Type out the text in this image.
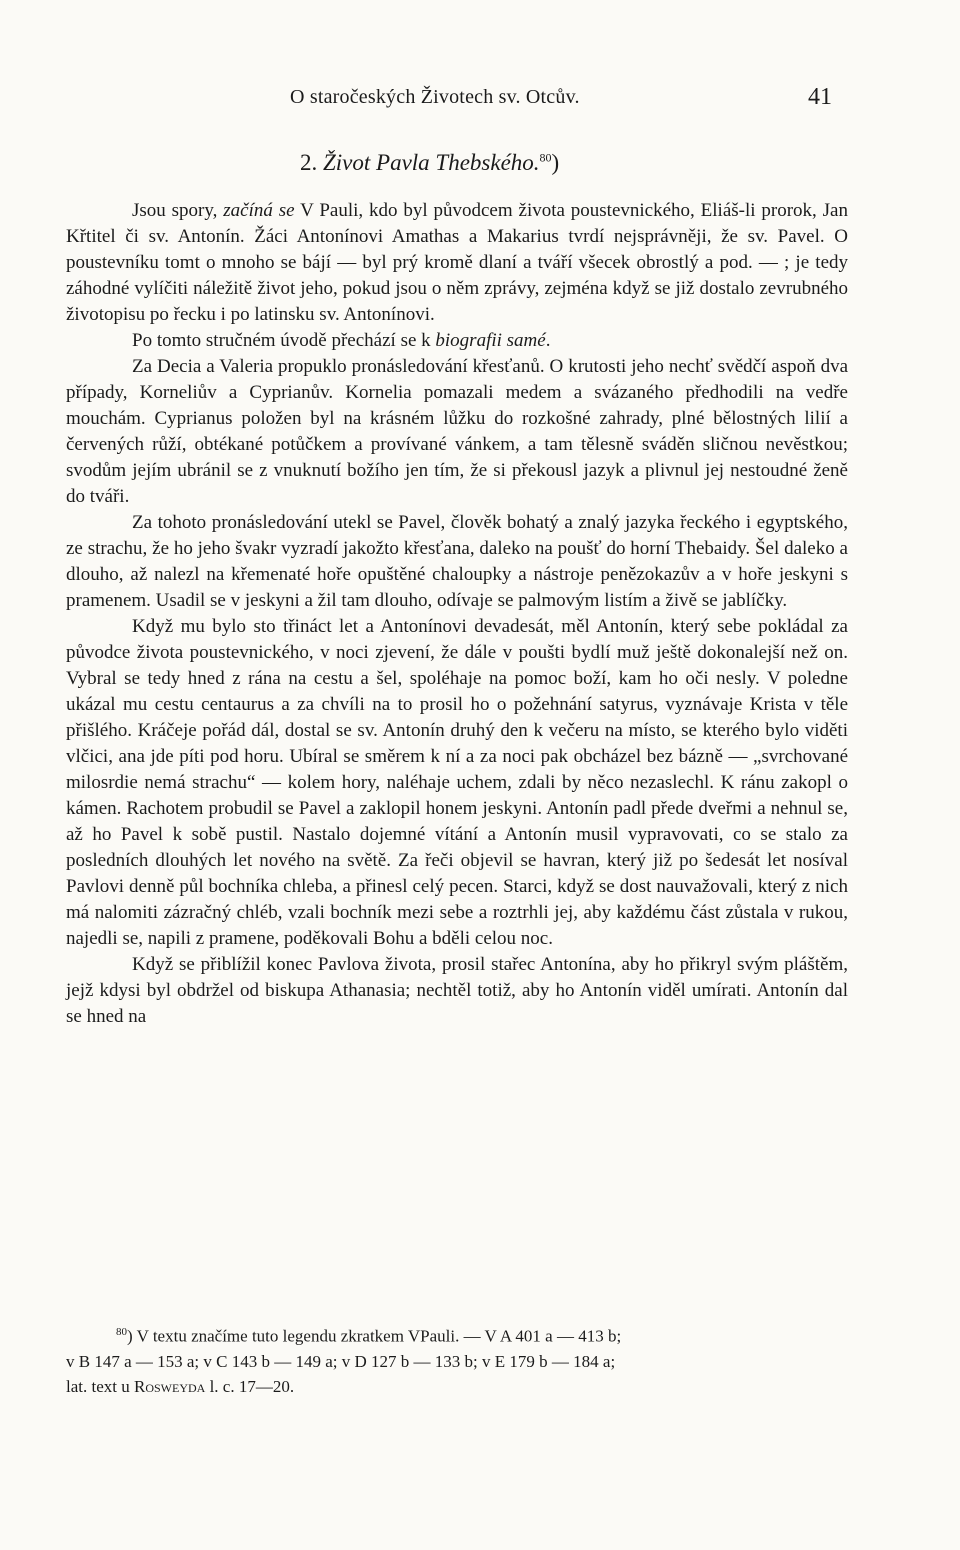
O staročeských Životech sv. Otcův.	41
2. Život Pavla Thebského.$^{80}$)

Jsou spory, začíná se V Pauli, kdo byl původcem života poustevnického, Eliáš-li prorok, Jan Křtitel či sv. Antonín. Žáci Antonínovi Amathas a Makarius tvrdí nejsprávněji, že sv. Pavel. O poustevníku tomt o mnoho se bájí — byl prý kromě dlaní a tváří všecek obrostlý a pod. — ; je tedy záhodné vylíčiti náležitě život jeho, pokud jsou o něm zprávy, zejména když se již dostalo zevrubného životopisu po řecku i po latinsku sv. Antonínovi.

Po tomto stručném úvodě přechází se k biografii samé.

Za Decia a Valeria propuklo pronásledování křesťanů. O krutosti jeho nechť svědčí aspoň dva případy, Korneliův a Cyprianův. Kornelia pomazali medem a svázaného předhodili na vedře mouchám. Cyprianus položen byl na krásném lůžku do rozkošné zahrady, plné bělostných lilií a červených růží, obtékané potůčkem a provívané vánkem, a tam tělesně sváděn sličnou nevěstkou; svodům jejím ubránil se z vnuknutí božího jen tím, že si překousl jazyk a plivnul jej nestoudné ženě do tváři.

Za tohoto pronásledování utekl se Pavel, člověk bohatý a znalý jazyka řeckého i egyptského, ze strachu, že ho jeho švakr vyzradí jakožto křesťana, daleko na poušť do horní Thebaidy. Šel daleko a dlouho, až nalezl na křemenaté hoře opuštěné chaloupky a nástroje penězokazův a v hoře jeskyni s pramenem. Usadil se v jeskyni a žil tam dlouho, odívaje se palmovým listím a živě se jablíčky.

Když mu bylo sto třináct let a Antonínovi devadesát, měl Antonín, který sebe pokládal za původce života poustevnického, v noci zjevení, že dále v poušti bydlí muž ještě dokonalejší než on. Vybral se tedy hned z rána na cestu a šel, spoléhaje na pomoc boží, kam ho oči nesly. V poledne ukázal mu cestu centaurus a za chvíli na to prosil ho o požehnání satyrus, vyznávaje Krista v těle přišlého. Kráčeje pořád dál, dostal se sv. Antonín druhý den k večeru na místo, se kterého bylo viděti vlčici, ana jde píti pod horu. Ubíral se směrem k ní a za noci pak obcházel bez bázně — „svrchované milosrdie nemá strachu“ — kolem hory, naléhaje uchem, zdali by něco nezaslechl. K ránu zakopl o kámen. Rachotem probudil se Pavel a zaklopil honem jeskyni. Antonín padl přede dveřmi a nehnul se, až ho Pavel k sobě pustil. Nastalo dojemné vítání a Antonín musil vypravovati, co se stalo za posledních dlouhých let nového na světě. Za řeči objevil se havran, který již po šedesát let nosíval Pavlovi denně půl bochníka chleba, a přinesl celý pecen. Starci, když se dost nauvažovali, který z nich má nalomiti zázračný chléb, vzali bochník mezi sebe a roztrhli jej, aby každému část zůstala v rukou, najedli se, napili z pramene, poděkovali Bohu a bděli celou noc.

Když se přiblížil konec Pavlova života, prosil stařec Antonína, aby ho přikryl svým pláštěm, jejž kdysi byl obdržel od biskupa Athanasia; nechtěl totiž, aby ho Antonín viděl umírati. Antonín dal se hned na

$^{80}$) V textu značíme tuto legendu zkratkem VPauli. — V A 401 a — 413 b;

v B 147 a — 153 a; v C 143 b — 149 a; v D 127 b — 133 b; v E 179 b — 184 a;

lat. text u Rosweyda l. c. 17—20.
